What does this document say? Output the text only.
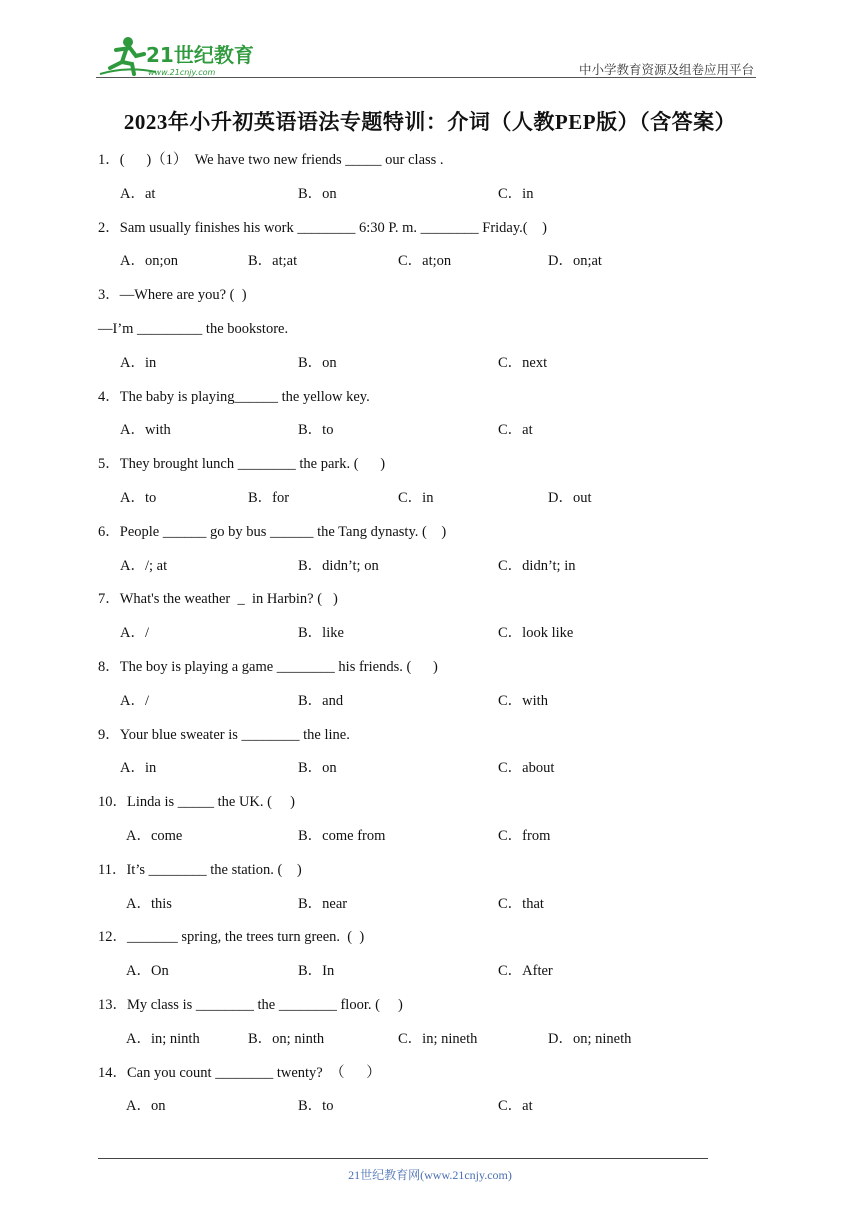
21世纪教育
www.21cnjy.com	中小学教育资源及组卷应用平台
2023年小升初英语语法专题特训：介词（人教PEP版）（含答案）
1．(      )（1）  We have two new friends _____ our class .
A．at	B．on	C．in
2．Sam usually finishes his work ________ 6:30 P. m. ________ Friday.(    )
A．on;on	B．at;at	C．at;on	D．on;at
3．—Where are you? (  )
—I’m _________ the bookstore.
A．in	B．on	C．next
4．The baby is playing______ the yellow key.
A．with	B．to	C．at
5．They brought lunch ________ the park. (      )
A．to	B．for	C．in	D．out
6．People ______ go by bus ______ the Tang dynasty. (    )
A．/; at	B．didn’t; on	C．didn’t; in
7．What's the weather  _  in Harbin? (   )
A．/	B．like	C．look like
8．The boy is playing a game ________ his friends. (      )
A．/	B．and	C．with
9．Your blue sweater is ________ the line.
A．in	B．on	C．about
10．Linda is _____ the UK. (     )
A．come	B．come from	C．from
11．It’s ________ the station. (    )
A．this	B．near	C．that
12．_______ spring, the trees turn green.  (  )
A．On	B．In	C．After
13．My class is ________ the ________ floor. (     )
A．in; ninth	B．on; ninth	C．in; nineth	D．on; nineth
14．Can you count ________ twenty?  （      ）
A．on	B．to	C．at
21世纪教育网(www.21cnjy.com)
